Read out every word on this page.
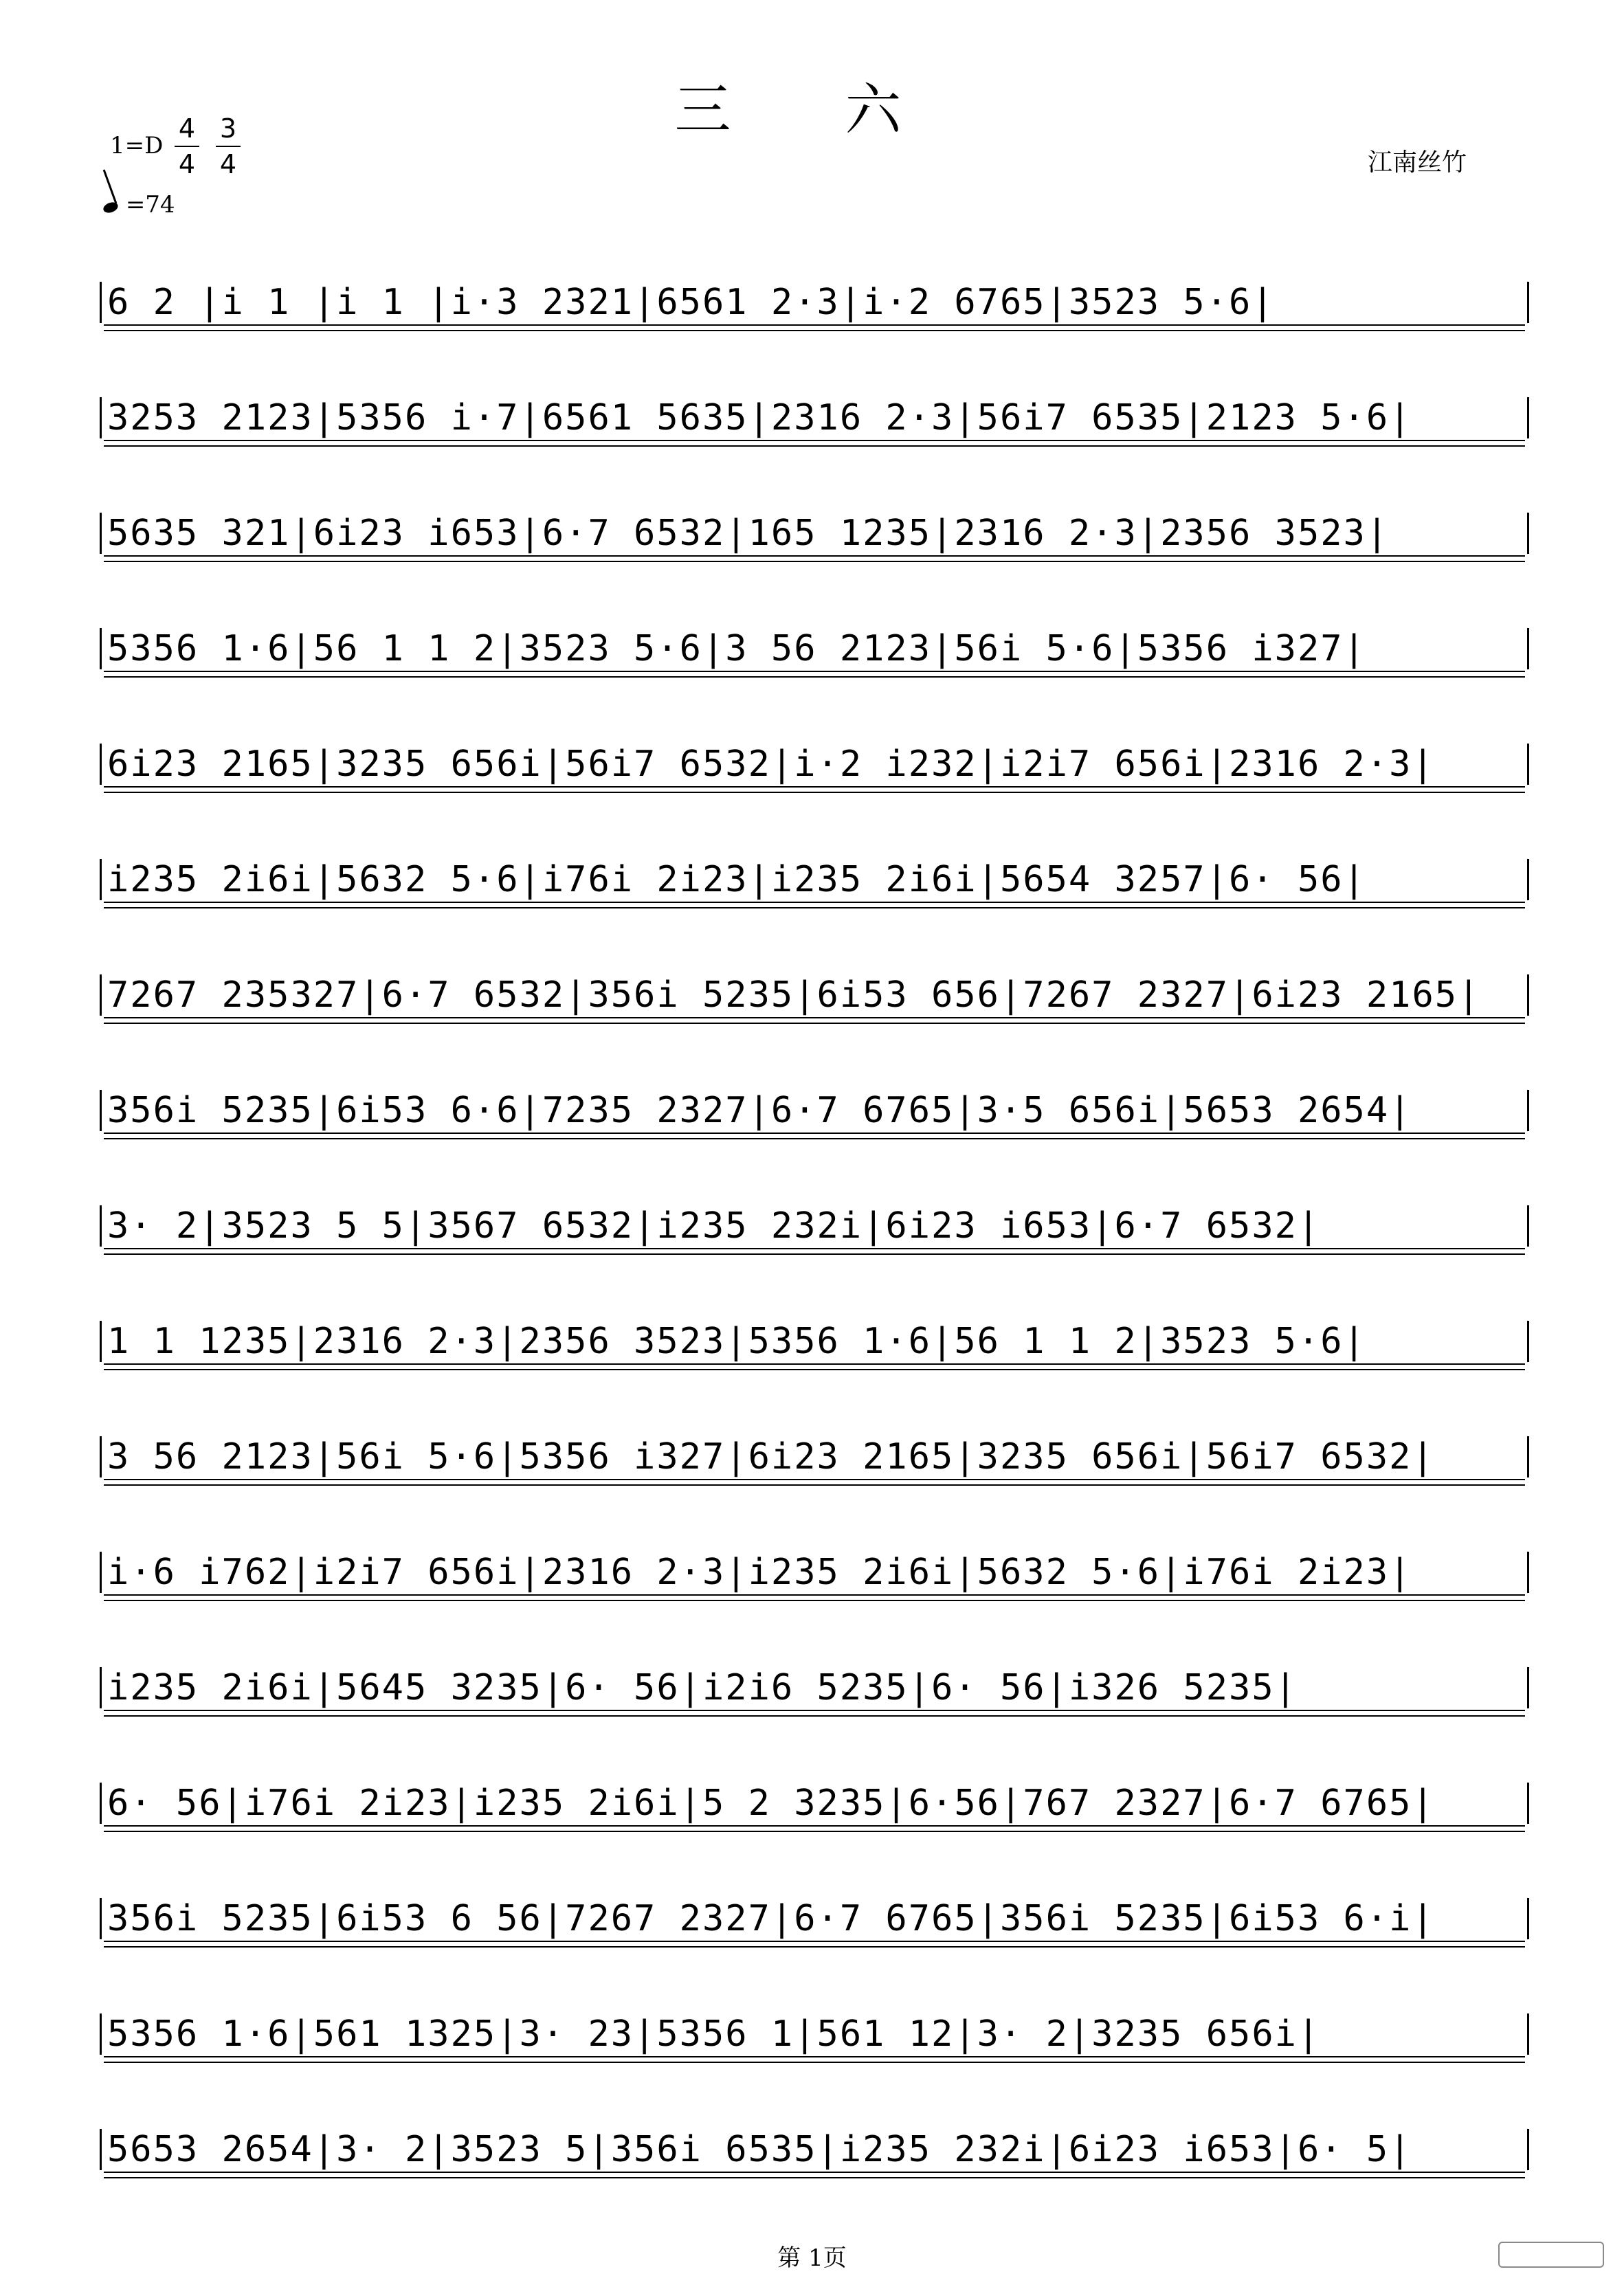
三 六
1=D
4
4
3
4
=74
江南丝竹
6 2 |i 1 |i 1 |i·3 2321|6561 2·3|i·2 6765|3523 5·6|
3253 2123|5356 i·7|6561 5635|2316 2·3|56i7 6535|2123 5·6|
5635 321|6i23 i653|6·7 6532|165 1235|2316 2·3|2356 3523|
5356 1·6|56 1 1 2|3523 5·6|3 56 2123|56i 5·6|5356 i327|
6i23 2165|3235 656i|56i7 6532|i·2 i232|i2i7 656i|2316 2·3|
i235 2i6i|5632 5·6|i76i 2i23|i235 2i6i|5654 3257|6· 56|
7267 235327|6·7 6532|356i 5235|6i53 656|7267 2327|6i23 2165|
356i 5235|6i53 6·6|7235 2327|6·7 6765|3·5 656i|5653 2654|
3· 2|3523 5 5|3567 6532|i235 232i|6i23 i653|6·7 6532|
1 1 1235|2316 2·3|2356 3523|5356 1·6|56 1 1 2|3523 5·6|
3 56 2123|56i 5·6|5356 i327|6i23 2165|3235 656i|56i7 6532|
i·6 i762|i2i7 656i|2316 2·3|i235 2i6i|5632 5·6|i76i 2i23|
i235 2i6i|5645 3235|6· 56|i2i6 5235|6· 56|i326 5235|
6· 56|i76i 2i23|i235 2i6i|5 2 3235|6·56|767 2327|6·7 6765|
356i 5235|6i53 6 56|7267 2327|6·7 6765|356i 5235|6i53 6·i|
5356 1·6|561 1325|3· 23|5356 1|561 12|3· 2|3235 656i|
5653 2654|3· 2|3523 5|356i 6535|i235 232i|6i23 i653|6· 5|
第 1页
